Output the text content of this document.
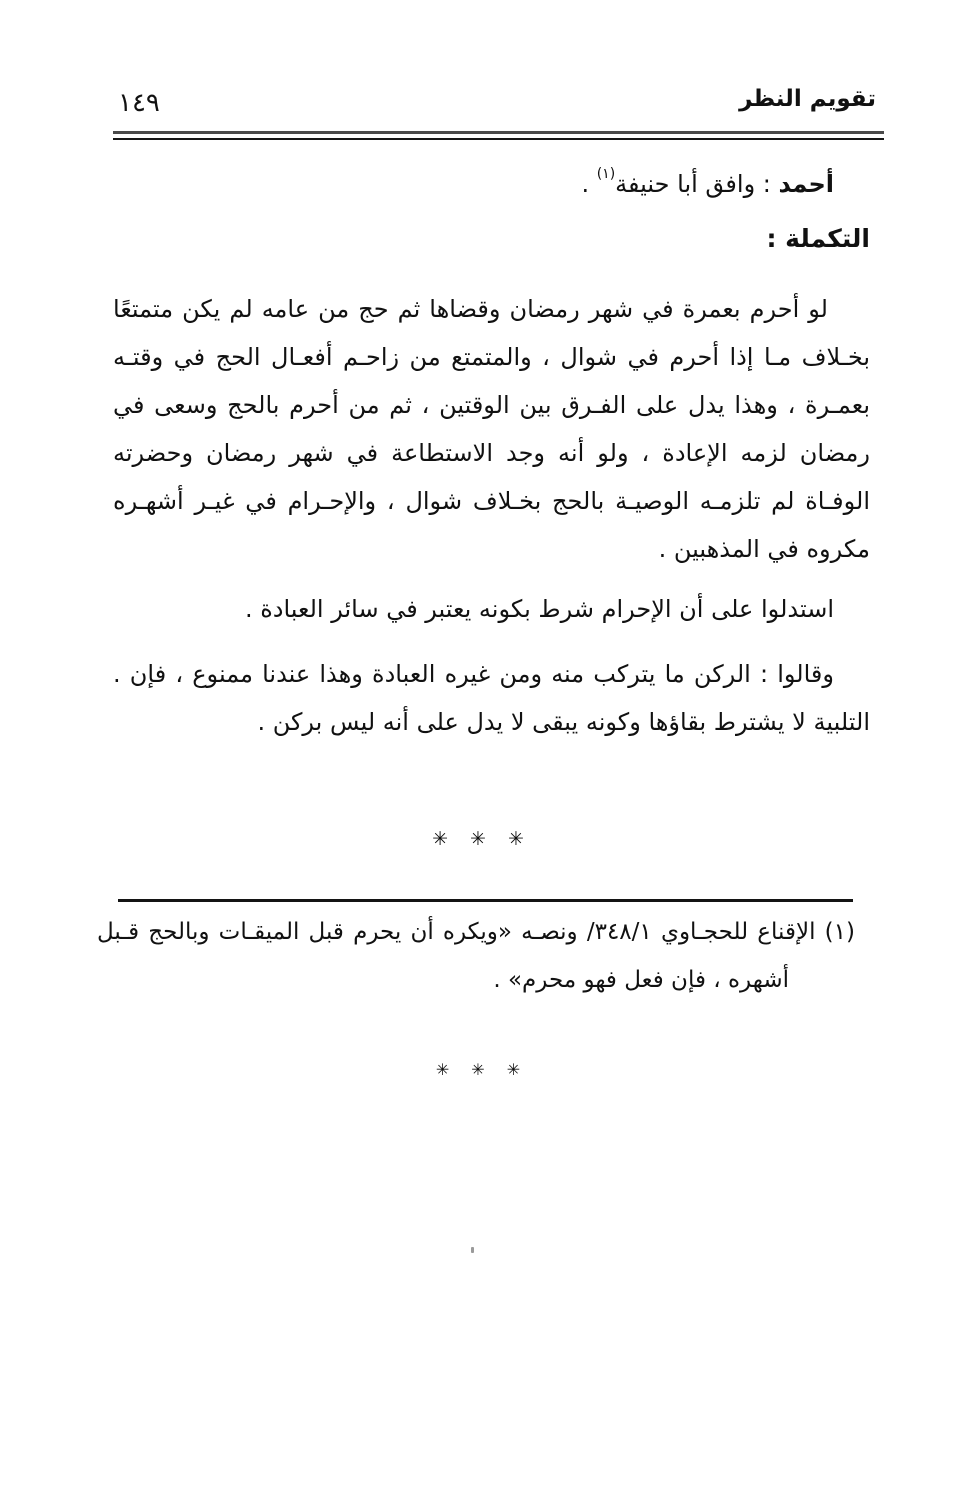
تقويم النظر
١٤٩
أحمد : وافق أبا حنيفة$^{(١)}$ .
التكملة :
لو أحرم بعمرة في شهر رمضان وقضاها ثم حج من عامه لم يكن متمتعًا
بخـلاف مـا إذا أحرم في شوال ، والمتمتع من زاحـم أفعـال الحج في وقتـه
بعمـرة ، وهذا يدل على الفـرق بين الوقتين ، ثم من أحرم بالحج وسعى في
رمضان لزمه الإعادة ، ولو أنه وجد الاستطاعة في شهر رمضان وحضرته
الوفـاة لم تلزمـه الوصيـة بالحج بخـلاف شوال ، والإحـرام في غيـر أشهـره
مكروه في المذهبين .
استدلوا على أن الإحرام شرط بكونه يعتبر في سائر العبادة .
وقالوا : الركن ما يتركب منه ومن غيره العبادة وهذا عندنا ممنوع ، فإن .
التلبية لا يشترط بقاؤها وكونه يبقى لا يدل على أنه ليس بركن .
✳
✳
✳
(١) الإقناع للحجـاوي ٣٤٨/١/ ونصـه «ويكره أن يحرم قبل الميقـات وبالحج قـبل
أشهره ، فإن فعل فهو محرم» .
✳
✳
✳
